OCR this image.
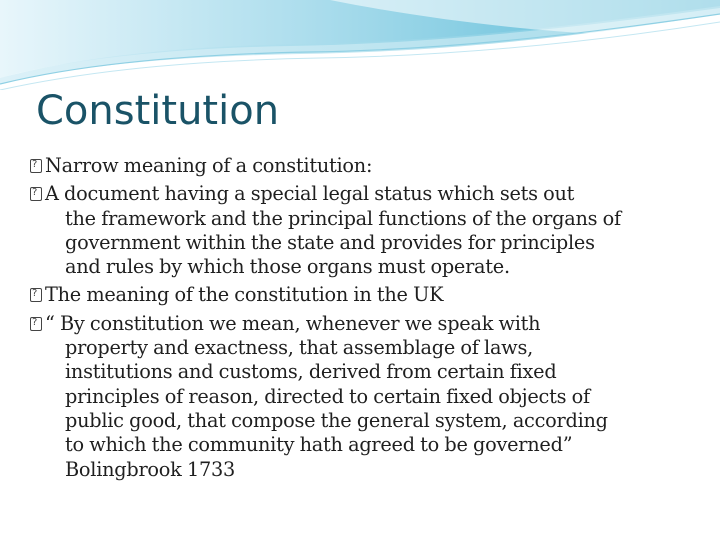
Constitution
?
Narrow meaning of a constitution:
?
A document having a special legal status which sets out
the framework and the principal functions of the organs of
government within the state and provides for principles
and rules by which those organs must operate.
?
The meaning of the constitution in the UK
?
“ By constitution we mean, whenever we speak with
property and exactness, that assemblage of laws,
institutions and customs, derived from certain fixed
principles of reason, directed to certain fixed objects of
public good, that compose the general system, according
to which the community hath agreed to be governed”
Bolingbrook 1733
